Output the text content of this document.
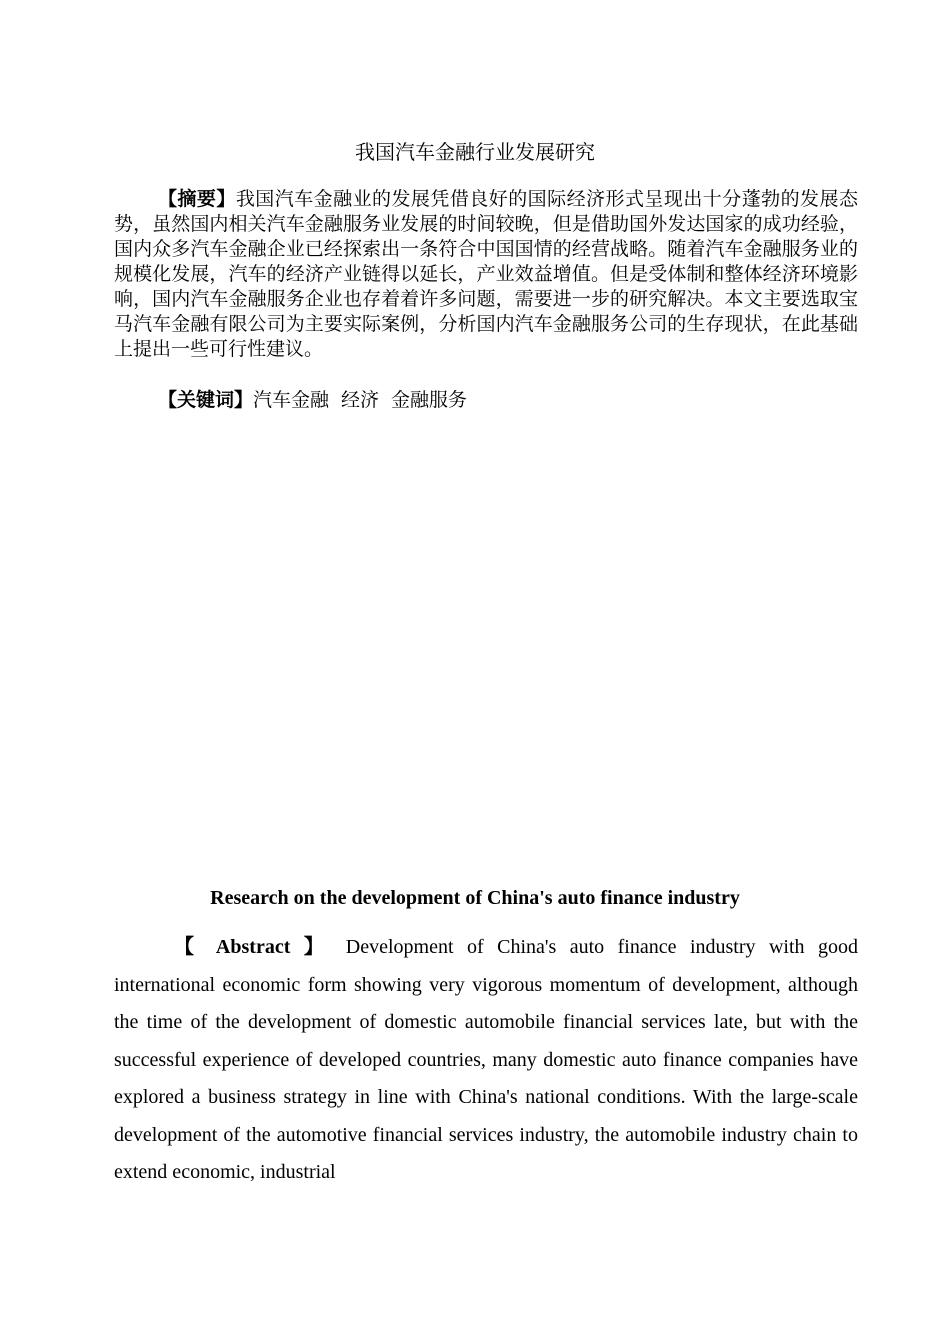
我国汽车金融行业发展研究

【摘要】我国汽车金融业的发展凭借良好的国际经济形式呈现出十分蓬勃的发展态势，虽然国内相关汽车金融服务业发展的时间较晚，但是借助国外发达国家的成功经验，国内众多汽车金融企业已经探索出一条符合中国国情的经营战略。随着汽车金融服务业的规模化发展，汽车的经济产业链得以延长，产业效益增值。但是受体制和整体经济环境影响，国内汽车金融服务企业也存着着许多问题，需要进一步的研究解决。本文主要选取宝马汽车金融有限公司为主要实际案例，分析国内汽车金融服务公司的生存现状，在此基础上提出一些可行性建议。

【关键词】汽车金融 经济 金融服务

Research on the development of China's auto finance industry

【 Abstract 】 Development of China's auto finance industry with good international economic form showing very vigorous momentum of development, although the time of the development of domestic automobile financial services late, but with the successful experience of developed countries, many domestic auto finance companies have explored a business strategy in line with China's national conditions. With the large-scale development of the automotive financial services industry, the automobile industry chain to extend economic, industrial
